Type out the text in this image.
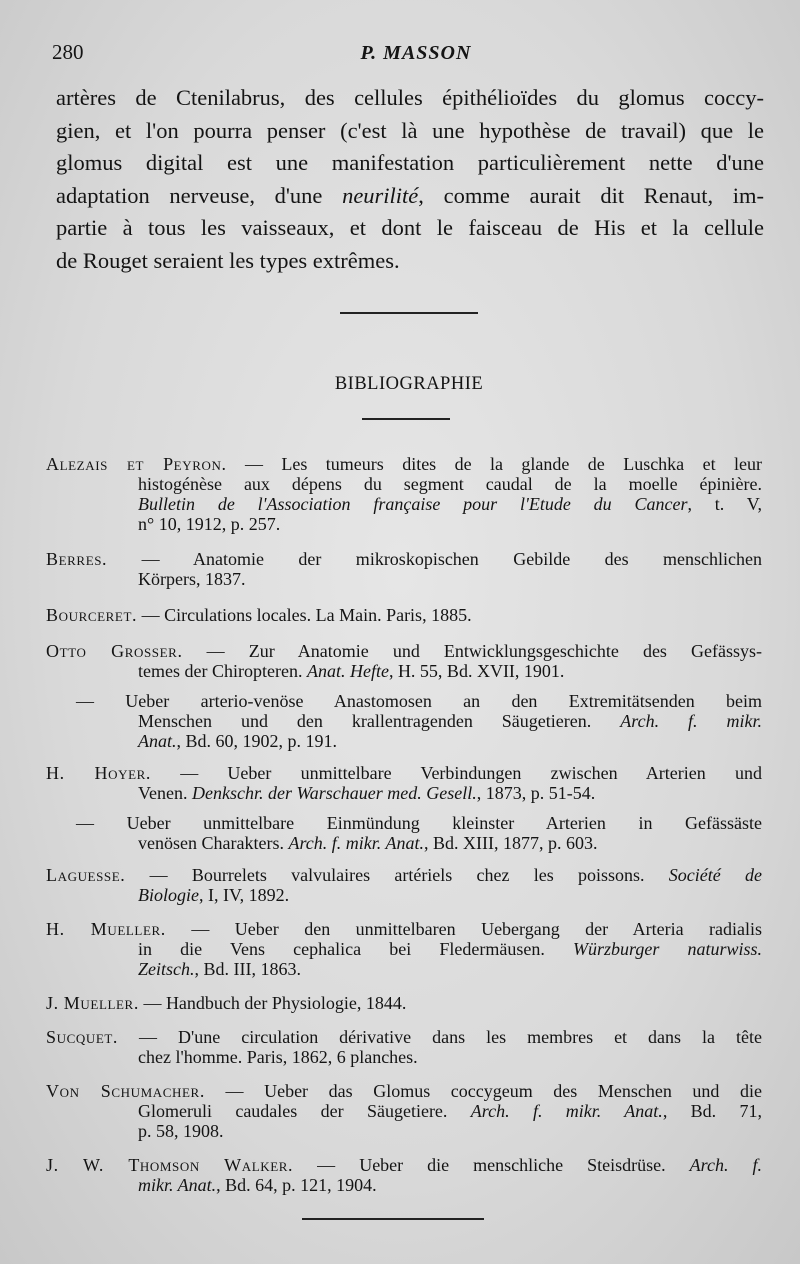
280	P. MASSON
artères de Ctenilabrus, des cellules épithélioïdes du glomus coccy-
gien, et l'on pourra penser (c'est là une hypothèse de travail) que le
glomus digital est une manifestation particulièrement nette d'une
adaptation nerveuse, d'une neurilité, comme aurait dit Renaut, im-
partie à tous les vaisseaux, et dont le faisceau de His et la cellule
de Rouget seraient les types extrêmes.
BIBLIOGRAPHIE
Alezais et Peyron. — Les tumeurs dites de la glande de Luschka et leur
histogénèse aux dépens du segment caudal de la moelle épinière.
Bulletin de l'Association française pour l'Etude du Cancer, t. V,
n° 10, 1912, p. 257.
Berres. — Anatomie der mikroskopischen Gebilde des menschlichen
Körpers, 1837.
Bourceret. — Circulations locales. La Main. Paris, 1885.
Otto Grosser. — Zur Anatomie und Entwicklungsgeschichte des Gefässys-
temes der Chiropteren. Anat. Hefte, H. 55, Bd. XVII, 1901.
— Ueber arterio-venöse Anastomosen an den Extremitätsenden beim
Menschen und den krallentragenden Säugetieren. Arch. f. mikr.
Anat., Bd. 60, 1902, p. 191.
H. Hoyer. — Ueber unmittelbare Verbindungen zwischen Arterien und
Venen. Denkschr. der Warschauer med. Gesell., 1873, p. 51-54.
— Ueber unmittelbare Einmündung kleinster Arterien in Gefässäste
venösen Charakters. Arch. f. mikr. Anat., Bd. XIII, 1877, p. 603.
Laguesse. — Bourrelets valvulaires artériels chez les poissons. Société de
Biologie, I, IV, 1892.
H. Mueller. — Ueber den unmittelbaren Uebergang der Arteria radialis
in die Vens cephalica bei Fledermäusen. Würzburger naturwiss.
Zeitsch., Bd. III, 1863.
J. Mueller. — Handbuch der Physiologie, 1844.
Sucquet. — D'une circulation dérivative dans les membres et dans la tête
chez l'homme. Paris, 1862, 6 planches.
Von Schumacher. — Ueber das Glomus coccygeum des Menschen und die
Glomeruli caudales der Säugetiere. Arch. f. mikr. Anat., Bd. 71,
p. 58, 1908.
J. W. Thomson Walker. — Ueber die menschliche Steisdrüse. Arch. f.
mikr. Anat., Bd. 64, p. 121, 1904.
